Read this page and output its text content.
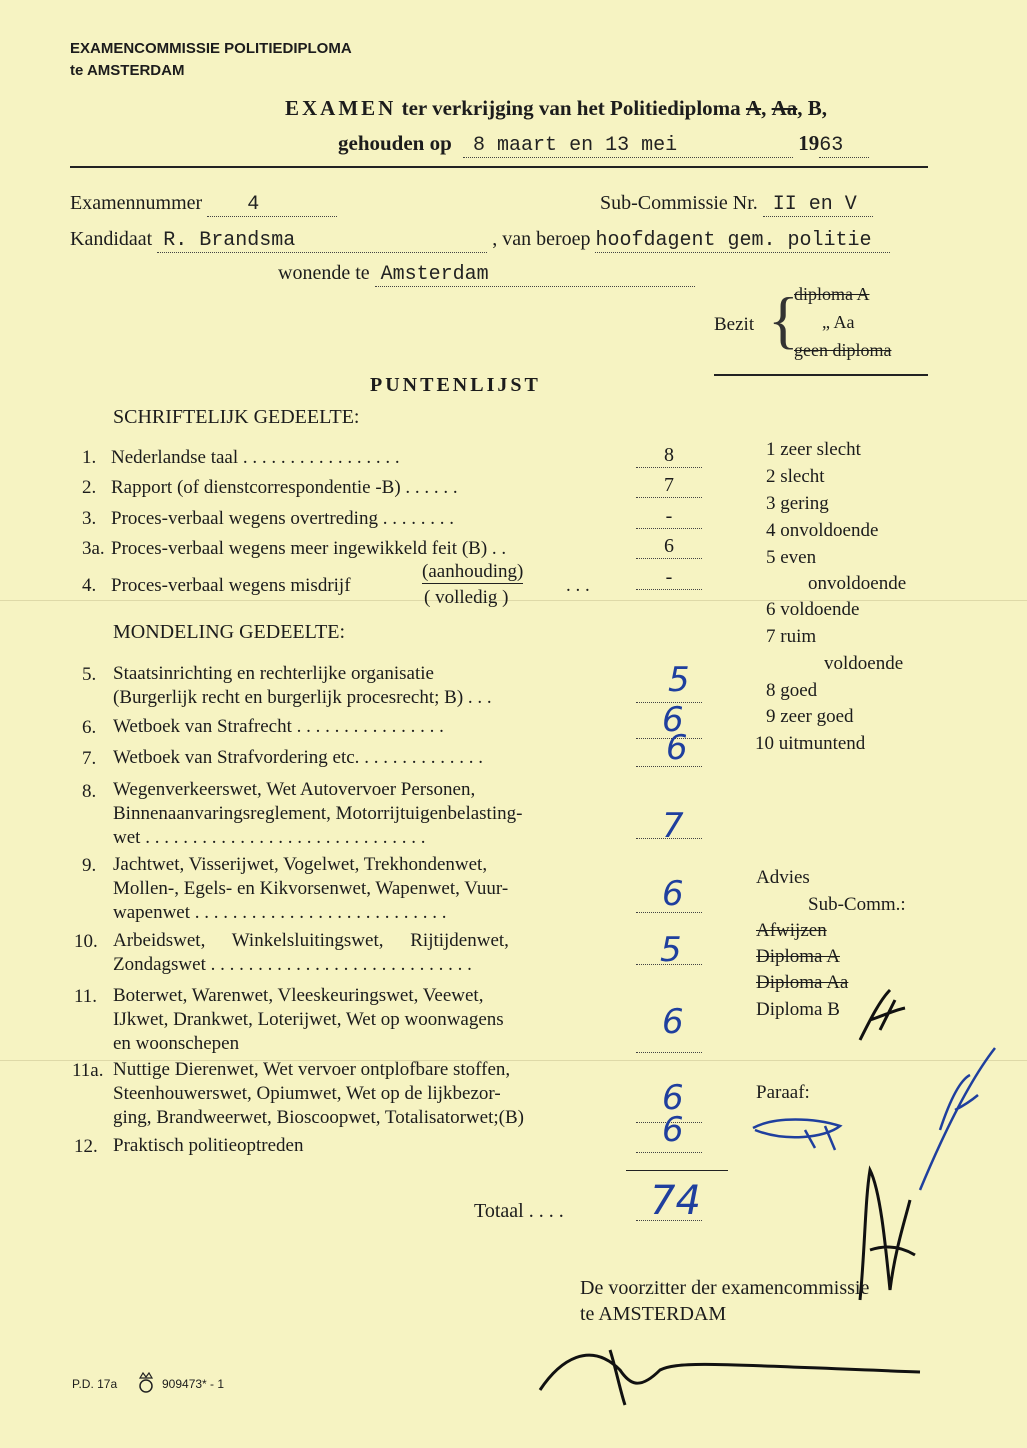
EXAMENCOMMISSIE POLITIEDIPLOMA
te AMSTERDAM
EXAMEN ter verkrijging van het Politiediploma A, Aa, B,
gehouden op 8 maart en 13 mei	1963
Examennummer 4	Sub-Commissie Nr. II en V
Kandidaat R. Brandsma	, van beroep hoofdagent gem. politie
wonende te Amsterdam
Bezit {
diploma A
„ Aa
geen diploma
PUNTENLIJST
SCHRIFTELIJK GEDEELTE:
1. Nederlandse taal . . . . . . . . . . . . . . . . .	8
2. Rapport (of dienstcorrespondentie -B) . . . . . .	7
3. Proces-verbaal wegens overtreding . . . . . . . .	-
3a. Proces-verbaal wegens meer ingewikkeld feit (B) . .	6
4. Proces-verbaal wegens misdrijf
(aanhouding)
( volledig )
. . .	-
MONDELING GEDEELTE:
5. Staatsinrichting en rechterlijke organisatie
(Burgerlijk recht en burgerlijk procesrecht; B) . . .	5
6. Wetboek van Strafrecht . . . . . . . . . . . . . . . .	6
7. Wetboek van Strafvordering etc. . . . . . . . . . . . . .	6
8. Wegenverkeerswet, Wet Autovervoer Personen,
Binnenaanvaringsreglement, Motorrijtuigenbelasting-
wet . . . . . . . . . . . . . . . . . . . . . . . . . . . . . .	7
9. Jachtwet, Visserijwet, Vogelwet, Trekhondenwet,
Mollen-, Egels- en Kikvorsenwet, Wapenwet, Vuur-
wapenwet . . . . . . . . . . . . . . . . . . . . . . . . . . .	6
10. Arbeidswet, Winkelsluitingswet, Rijtijdenwet,
Zondagswet . . . . . . . . . . . . . . . . . . . . . . . . . . . .	5
11. Boterwet, Warenwet, Vleeskeuringswet, Veewet,
IJkwet, Drankwet, Loterijwet, Wet op woonwagens
en woonschepen
6
11a. Nuttige Dierenwet, Wet vervoer ontplofbare stoffen,
Steenhouwerswet, Opiumwet, Wet op de lijkbezor-
ging, Brandweerwet, Bioscoopwet, Totalisatorwet;(B)	6
12. Praktisch politieoptreden	6
Totaal . . . . 74
1 zeer slecht
2 slecht
3 gering
4 onvoldoende
5 even
onvoldoende
6 voldoende
7 ruim
voldoende
8 goed
9 zeer goed
10 uitmuntend
Advies
Sub-Comm.:
Afwijzen
Diploma A
Diploma Aa
Diploma B
Paraaf:
De voorzitter der examencommissie
te AMSTERDAM
P.D. 17a	909473* - 1
